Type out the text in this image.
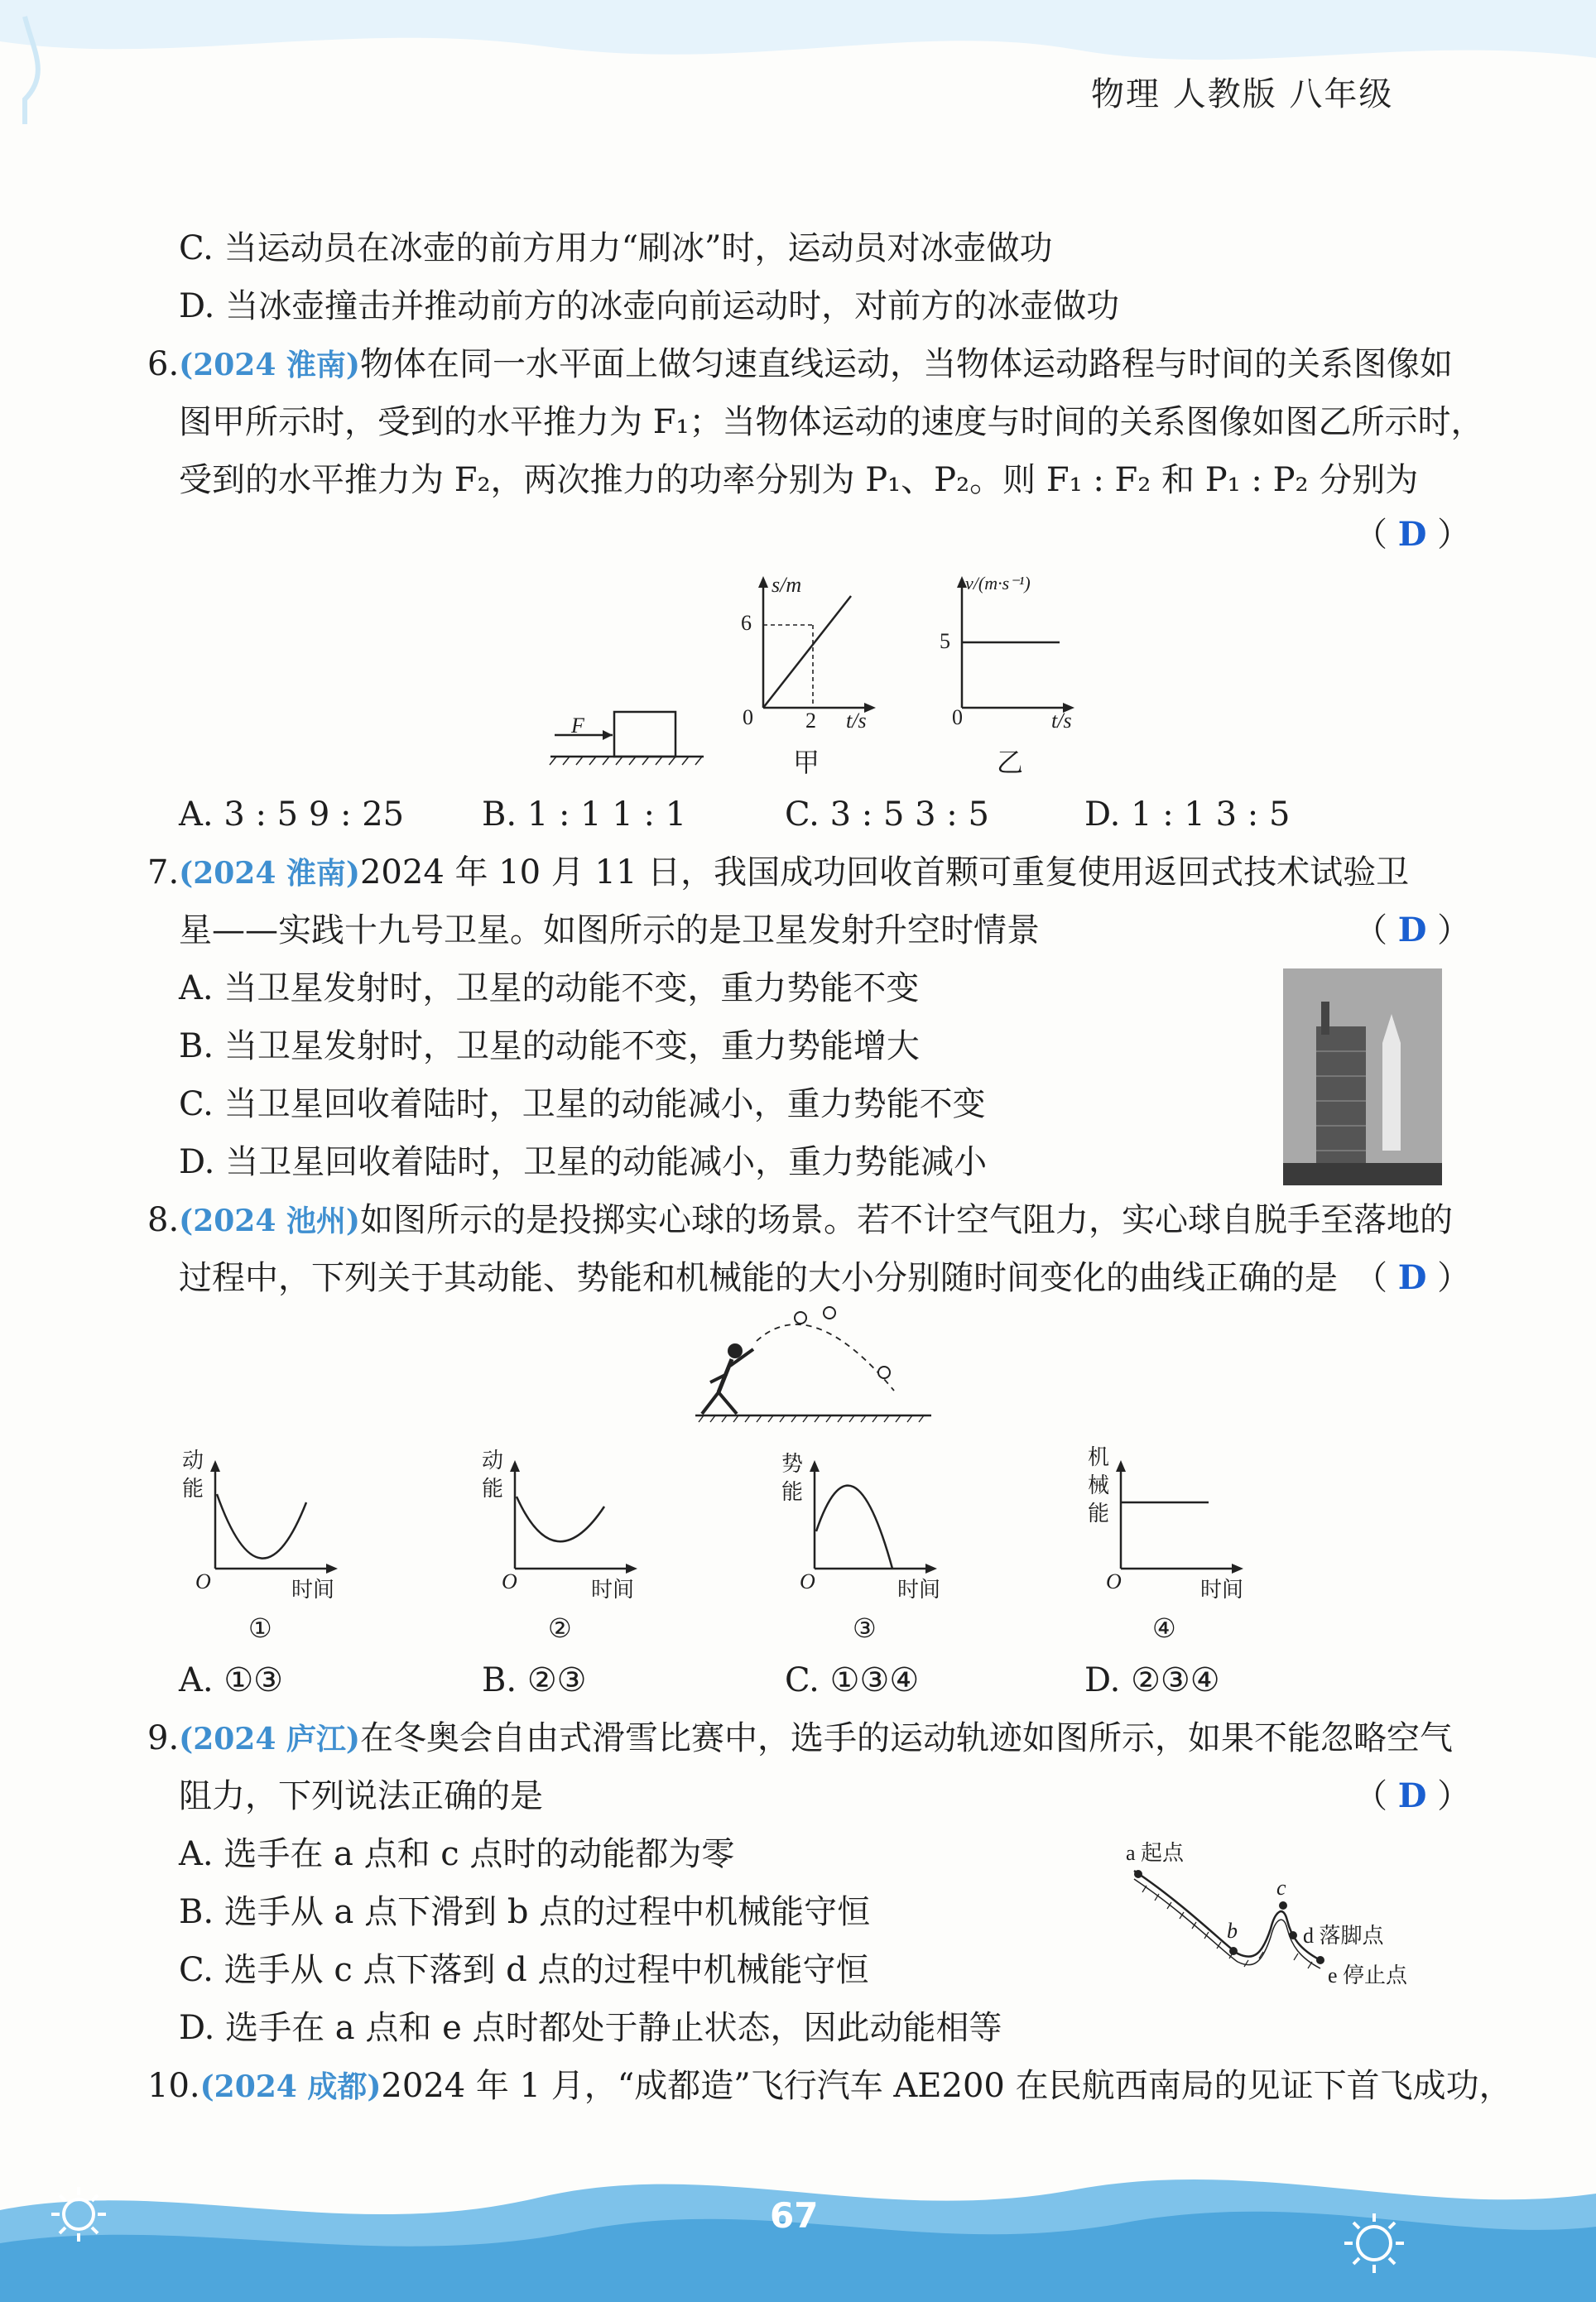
物理 人教版 八年级
C. 当运动员在冰壶的前方用力“刷冰”时，运动员对冰壶做功
D. 当冰壶撞击并推动前方的冰壶向前运动时，对前方的冰壶做功
6.(2024 淮南)物体在同一水平面上做匀速直线运动，当物体运动路程与时间的关系图像如
图甲所示时，受到的水平推力为 F₁；当物体运动的速度与时间的关系图像如图乙所示时，
受到的水平推力为 F₂，两次推力的功率分别为 P₁、P₂。则 F₁ : F₂ 和 P₁ : P₂ 分别为
（ D ）
F
s/m
6
0 2 t/s
甲
v/(m·s⁻¹)
5
0	t/s
乙
A. 3 : 5 9 : 25 B. 1 : 1 1 : 1	C. 3 : 5 3 : 5	D. 1 : 1 3 : 5
7.(2024 淮南)2024 年 10 月 11 日，我国成功回收首颗可重复使用返回式技术试验卫
星——实践十九号卫星。如图所示的是卫星发射升空时情景	（ D ）
A. 当卫星发射时，卫星的动能不变，重力势能不变
B. 当卫星发射时，卫星的动能不变，重力势能增大
C. 当卫星回收着陆时，卫星的动能减小，重力势能不变
D. 当卫星回收着陆时，卫星的动能减小，重力势能减小
8.(2024 池州)如图所示的是投掷实心球的场景。若不计空气阻力，实心球自脱手至落地的
过程中，下列关于其动能、势能和机械能的大小分别随时间变化的曲线正确的是 （ D ）
动
能
O	时间
①
动
能
O	时间
②
势
能
O	时间
③
机
械
能
O	时间
④
A. ①③	B. ②③	C. ①③④	D. ②③④
9.(2024 庐江)在冬奥会自由式滑雪比赛中，选手的运动轨迹如图所示，如果不能忽略空气
阻力，下列说法正确的是	（ D ）
A. 选手在 a 点和 c 点时的动能都为零
B. 选手从 a 点下滑到 b 点的过程中机械能守恒
C. 选手从 c 点下落到 d 点的过程中机械能守恒
D. 选手在 a 点和 e 点时都处于静止状态，因此动能相等
a 起点
b
c
d 落脚点
e 停止点
10.(2024 成都)2024 年 1 月，“成都造”飞行汽车 AE200 在民航西南局的见证下首飞成功，
67
